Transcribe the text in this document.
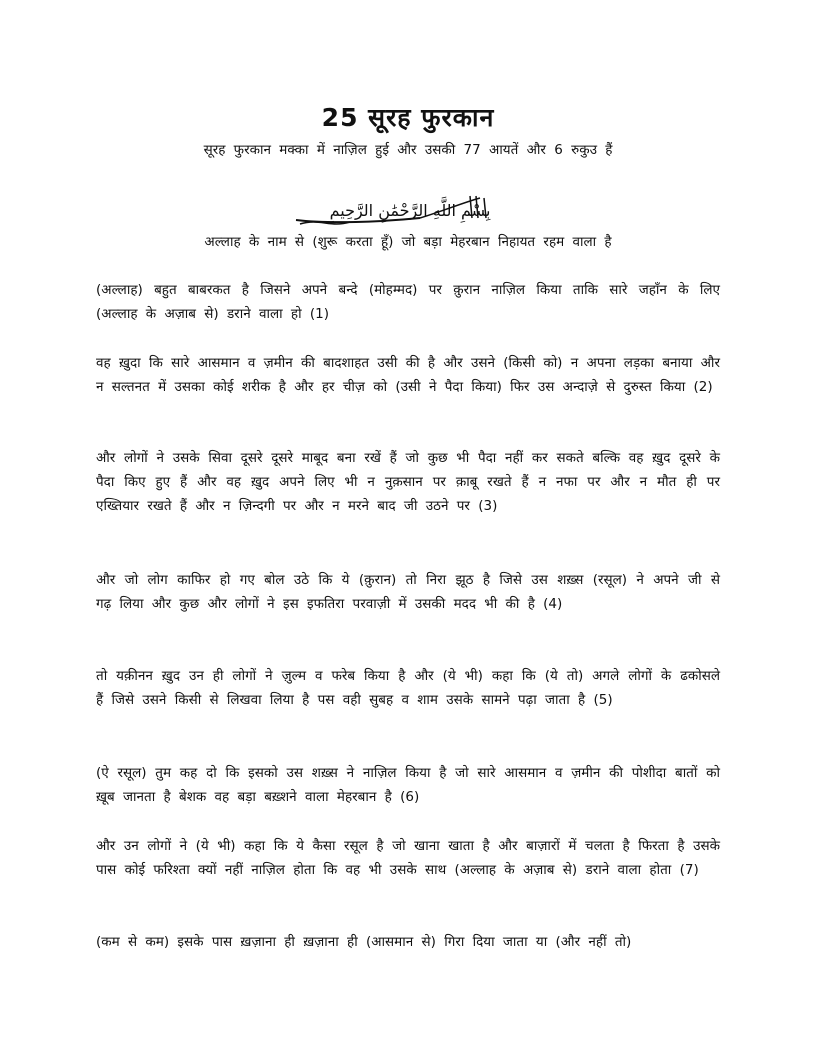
25 सूरह फुरकान
सूरह फुरकान मक्का में नाज़िल हुई और उसकी 77 आयतें और 6 रुकुउ हैं
بِسْمِ اللَّهِ الرَّحْمَٰنِ الرَّحِيمِ
अल्लाह के नाम से (शुरू करता हूँ) जो बड़ा मेहरबान निहायत रहम वाला है
(अल्लाह) बहुत बाबरकत है जिसने अपने बन्दे (मोहम्मद) पर क़ुरान नाज़िल किया ताकि सारे जहाँन के लिए (अल्लाह के अज़ाब से) डराने वाला हो (1)
वह ख़ुदा कि सारे आसमान व ज़मीन की बादशाहत उसी की है और उसने (किसी को) न अपना लड़का बनाया और न सल्तनत में उसका कोई शरीक है और हर चीज़ को (उसी ने पैदा किया) फिर उस अन्दाज़े से दुरुस्त किया (2)
और लोगों ने उसके सिवा दूसरे दूसरे माबूद बना रखें हैं जो कुछ भी पैदा नहीं कर सकते बल्कि वह ख़ुद दूसरे के पैदा किए हुए हैं और वह ख़ुद अपने लिए भी न नुक़सान पर क़ाबू रखते हैं न नफा पर और न मौत ही पर एख्तियार रखते हैं और न ज़िन्दगी पर और न मरने बाद जी उठने पर (3)
और जो लोग काफिर हो गए बोल उठे कि ये (क़ुरान) तो निरा झूठ है जिसे उस शख़्स (रसूल) ने अपने जी से गढ़ लिया और कुछ और लोगों ने इस इफतिरा परवाज़ी में उसकी मदद भी की है (4)
तो यक़ीनन ख़ुद उन ही लोगों ने ज़ुल्म व फरेब किया है और (ये भी) कहा कि (ये तो) अगले लोगों के ढकोसले हैं जिसे उसने किसी से लिखवा लिया है पस वही सुबह व शाम उसके सामने पढ़ा जाता है (5)
(ऐ रसूल) तुम कह दो कि इसको उस शख़्स ने नाज़िल किया है जो सारे आसमान व ज़मीन की पोशीदा बातों को ख़ूब जानता है बेशक वह बड़ा बख़्शने वाला मेहरबान है (6)
और उन लोगों ने (ये भी) कहा कि ये कैसा रसूल है जो खाना खाता है और बाज़ारों में चलता है फिरता है उसके पास कोई फरिश्ता क्यों नहीं नाज़िल होता कि वह भी उसके साथ (अल्लाह के अज़ाब से) डराने वाला होता (7)
(कम से कम) इसके पास ख़ज़ाना ही ख़ज़ाना ही (आसमान से) गिरा दिया जाता या (और नहीं तो)
